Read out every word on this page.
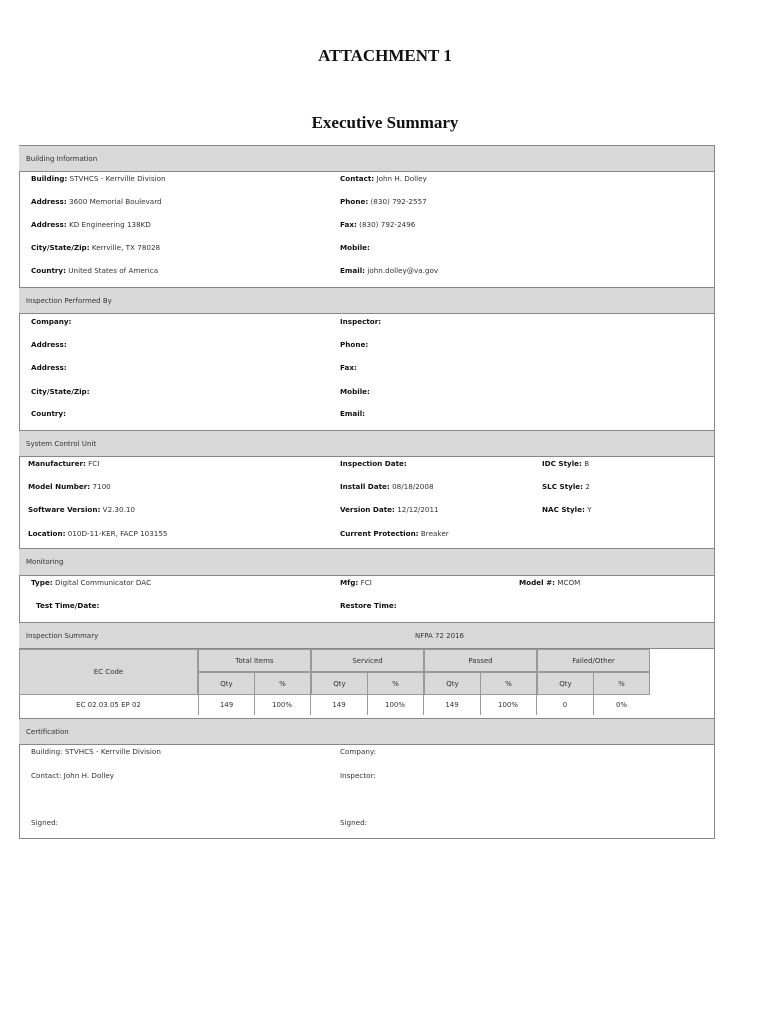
ATTACHMENT 1
Executive Summary
Building Information
Building: STVHCS - Kerrville Division	Contact: John H. Dolley
Address: 3600 Memorial Boulevard	Phone: (830) 792-2557
Address: KD Engineering 138KD	Fax: (830) 792-2496
City/State/Zip: Kerrville, TX 78028	Mobile:
Country: United States of America	Email: john.dolley@va.gov
Inspection Performed By
Company:	Inspector:
Address:	Phone:
Address:	Fax:
City/State/Zip:	Mobile:
Country:	Email:
System Control Unit
Manufacturer: FCI	Inspection Date:	IDC Style: B
Model Number: 7100	Install Date: 08/18/2008	SLC Style: 2
Software Version: V2.30.10	Version Date: 12/12/2011	NAC Style: Y
Location: 010D-11-KER, FACP 103155	Current Protection: Breaker
Monitoring
Type: Digital Communicator DAC	Mfg: FCI	Model #: MCOM
Test Time/Date:	Restore Time:
Inspection Summary	NFPA 72 2016
EC Code
Total Items	Serviced	Passed	Failed/Other
Qty	%	Qty	%	Qty	%	Qty	%
EC 02.03.05 EP 02	149	100%	149	100%	149	100%	0	0%
Certification
Building: STVHCS - Kerrville Division	Company:
Contact: John H. Dolley	Inspector:
Signed:	Signed:
